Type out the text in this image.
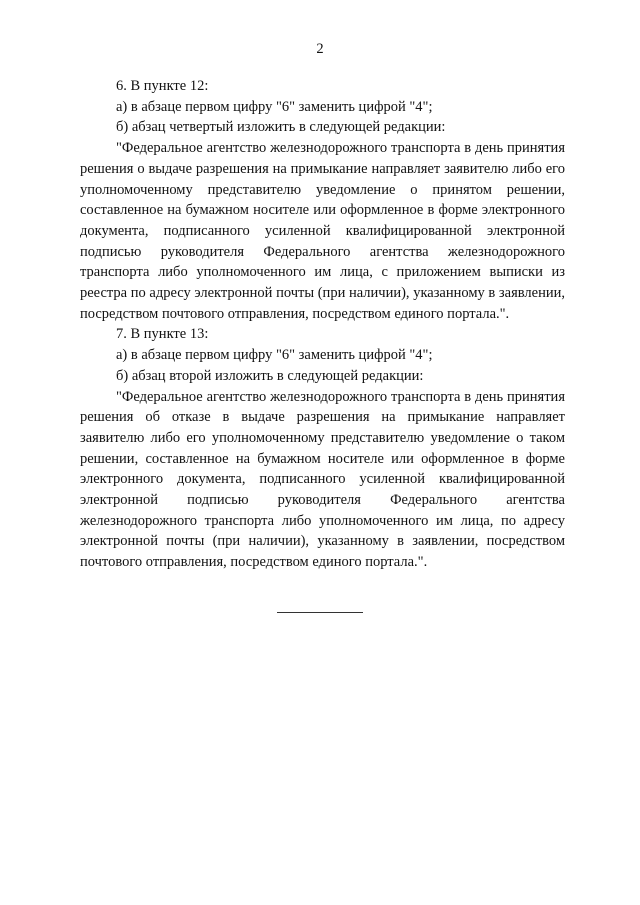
2

6. В пункте 12:

а) в абзаце первом цифру "6" заменить цифрой "4";

б) абзац четвертый изложить в следующей редакции:

"Федеральное агентство железнодорожного транспорта в день принятия решения о выдаче разрешения на примыкание направляет заявителю либо его уполномоченному представителю уведомление о принятом решении, составленное на бумажном носителе или оформленное в форме электронного документа, подписанного усиленной квалифицированной электронной подписью руководителя Федерального агентства железнодорожного транспорта либо уполномоченного им лица, с приложением выписки из реестра по адресу электронной почты (при наличии), указанному в заявлении, посредством почтового отправления, посредством единого портала.".

7. В пункте 13:

а) в абзаце первом цифру "6" заменить цифрой "4";

б) абзац второй изложить в следующей редакции:

"Федеральное агентство железнодорожного транспорта в день принятия решения об отказе в выдаче разрешения на примыкание направляет заявителю либо его уполномоченному представителю уведомление о таком решении, составленное на бумажном носителе или оформленное в форме электронного документа, подписанного усиленной квалифицированной электронной подписью руководителя Федерального агентства железнодорожного транспорта либо уполномоченного им лица, по адресу электронной почты (при наличии), указанному в заявлении, посредством почтового отправления, посредством единого портала.".
